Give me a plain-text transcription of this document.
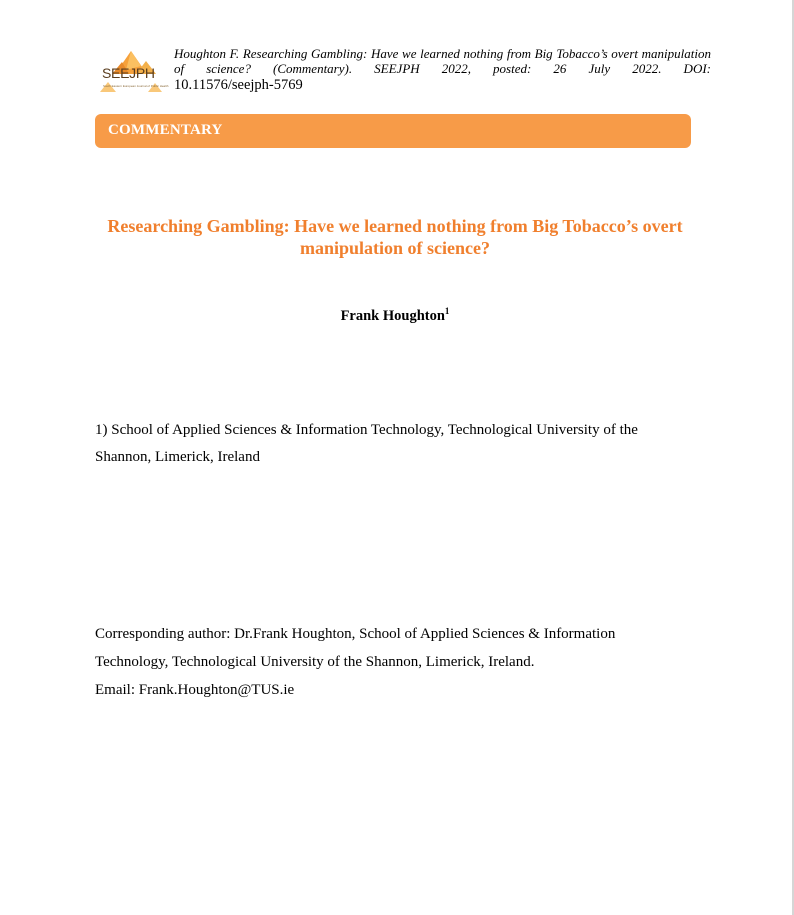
SEEJPH
South Eastern European Journal of Public Health
Houghton F. Researching Gambling: Have we learned nothing from Big Tobacco’s overt manipulation of science? (Commentary). SEEJPH 2022, posted: 26 July 2022. DOI:
10.11576/seejph-5769
COMMENTARY
Researching Gambling: Have we learned nothing from Big Tobacco’s overt
manipulation of science?
Frank Houghton$^1$
1) School of Applied Sciences & Information Technology, Technological University of the
Shannon, Limerick, Ireland
Corresponding author: Dr.Frank Houghton, School of Applied Sciences & Information
Technology, Technological University of the Shannon, Limerick, Ireland.
Email: Frank.Houghton@TUS.ie
